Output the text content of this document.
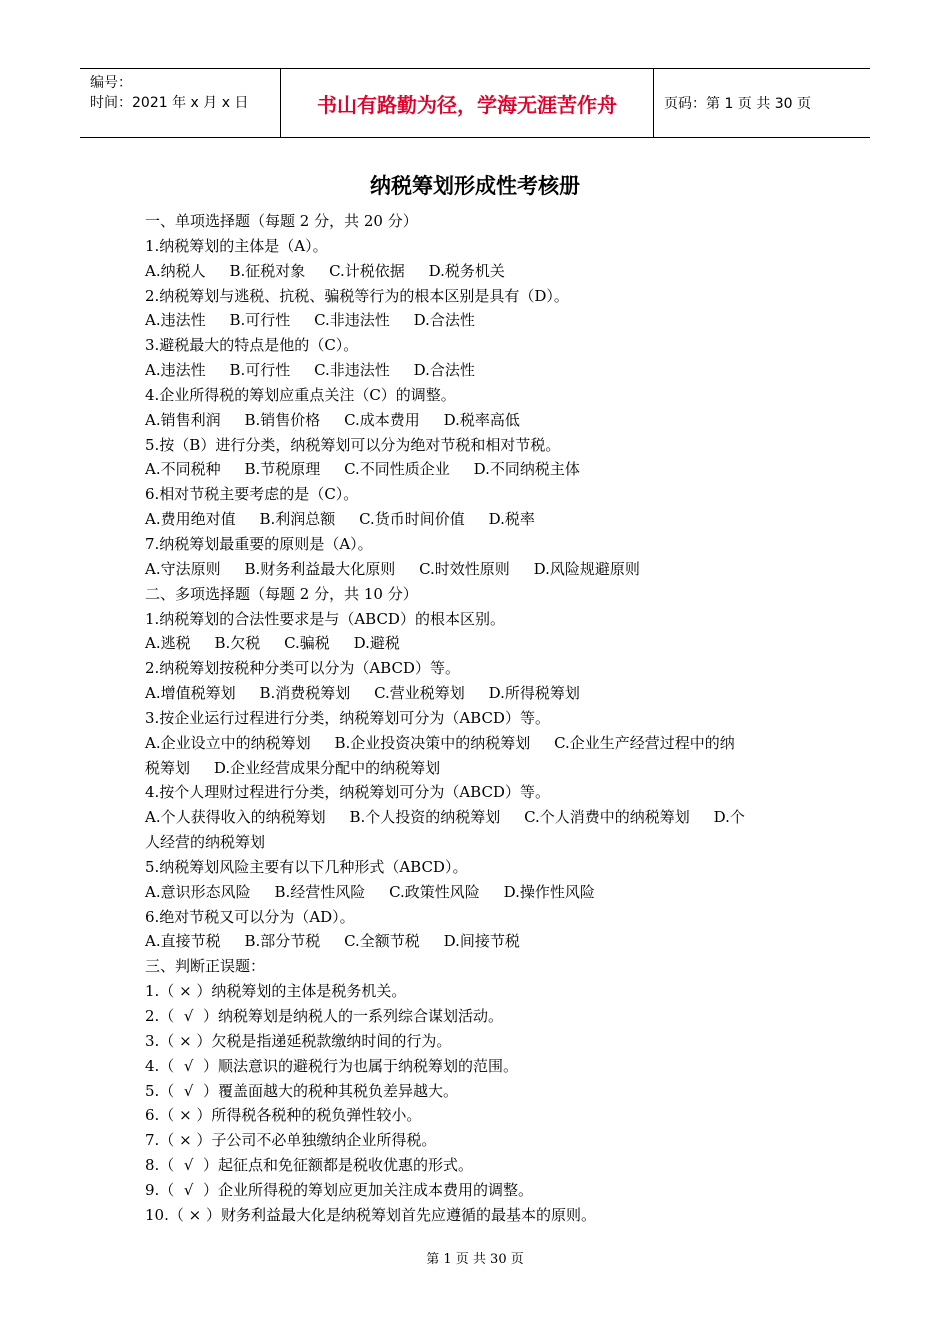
编号：
时间：2021 年 x 月 x 日	书山有路勤为径，学海无涯苦作舟	页码：第 1 页 共 30 页
纳税筹划形成性考核册
一、单项选择题（每题 2 分，共 20 分）
1.纳税筹划的主体是（A）。
A.纳税人     B.征税对象     C.计税依据     D.税务机关
2.纳税筹划与逃税、抗税、骗税等行为的根本区别是具有（D）。
A.违法性     B.可行性     C.非违法性     D.合法性
3.避税最大的特点是他的（C）。
A.违法性     B.可行性     C.非违法性     D.合法性
4.企业所得税的筹划应重点关注（C）的调整。
A.销售利润     B.销售价格     C.成本费用     D.税率高低
5.按（B）进行分类，纳税筹划可以分为绝对节税和相对节税。
A.不同税种     B.节税原理     C.不同性质企业     D.不同纳税主体
6.相对节税主要考虑的是（C）。
A.费用绝对值     B.利润总额     C.货币时间价值     D.税率
7.纳税筹划最重要的原则是（A）。
A.守法原则     B.财务利益最大化原则     C.时效性原则     D.风险规避原则
二、多项选择题（每题 2 分，共 10 分）
1.纳税筹划的合法性要求是与（ABCD）的根本区别。
A.逃税     B.欠税     C.骗税     D.避税
2.纳税筹划按税种分类可以分为（ABCD）等。
A.增值税筹划     B.消费税筹划     C.营业税筹划     D.所得税筹划
3.按企业运行过程进行分类，纳税筹划可分为（ABCD）等。
A.企业设立中的纳税筹划     B.企业投资决策中的纳税筹划     C.企业生产经营过程中的纳
税筹划     D.企业经营成果分配中的纳税筹划
4.按个人理财过程进行分类，纳税筹划可分为（ABCD）等。
A.个人获得收入的纳税筹划     B.个人投资的纳税筹划     C.个人消费中的纳税筹划     D.个
人经营的纳税筹划
5.纳税筹划风险主要有以下几种形式（ABCD）。
A.意识形态风险     B.经营性风险     C.政策性风险     D.操作性风险
6.绝对节税又可以分为（AD）。
A.直接节税     B.部分节税     C.全额节税     D.间接节税
三、判断正误题：
1.（ × ）纳税筹划的主体是税务机关。
2.（  √  ）纳税筹划是纳税人的一系列综合谋划活动。
3.（ × ）欠税是指递延税款缴纳时间的行为。
4.（  √  ）顺法意识的避税行为也属于纳税筹划的范围。
5.（  √  ）覆盖面越大的税种其税负差异越大。
6.（ × ）所得税各税种的税负弹性较小。
7.（ × ）子公司不必单独缴纳企业所得税。
8.（  √  ）起征点和免征额都是税收优惠的形式。
9.（  √  ）企业所得税的筹划应更加关注成本费用的调整。
10.（ × ）财务利益最大化是纳税筹划首先应遵循的最基本的原则。
第 1 页 共 30 页
